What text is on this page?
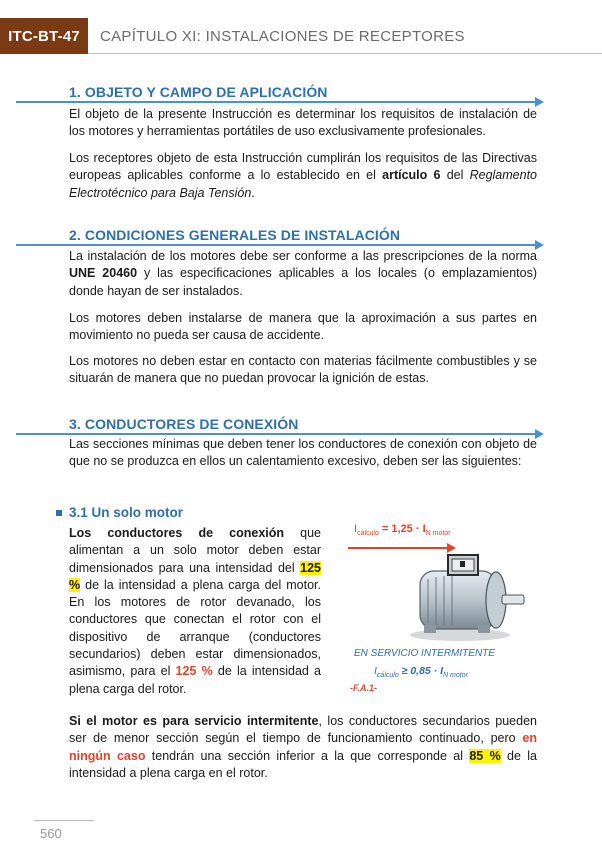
ITC-BT-47	CAPÍTULO XI: INSTALACIONES DE RECEPTORES
1. OBJETO Y CAMPO DE APLICACIÓN

El objeto de la presente Instrucción es determinar los requisitos de instalación de los motores y herramientas portátiles de uso exclusivamente profesionales.

Los receptores objeto de esta Instrucción cumplirán los requisitos de las Directivas europeas aplicables conforme a lo establecido en el artículo 6 del Reglamento Electrotécnico para Baja Tensión.

2. CONDICIONES GENERALES DE INSTALACIÓN

La instalación de los motores debe ser conforme a las prescripciones de la norma UNE 20460 y las especificaciones aplicables a los locales (o emplazamientos) donde hayan de ser instalados.

Los motores deben instalarse de manera que la aproximación a sus partes en movimiento no pueda ser causa de accidente.

Los motores no deben estar en contacto con materias fácilmente combustibles y se situarán de manera que no puedan provocar la ignición de estas.

3. CONDUCTORES DE CONEXIÓN

Las secciones mínimas que deben tener los conductores de conexión con objeto de que no se produzca en ellos un calentamiento excesivo, deben ser las siguientes:

3.1 Un solo motor

Los conductores de conexión que alimentan a un solo motor deben estar dimensionados para una intensidad del 125 % de la intensidad a plena carga del motor. En los motores de rotor devanado, los conductores que conectan el rotor con el dispositivo de arranque (conductores secundarios) deben estar dimensionados, asimismo, para el 125 % de la intensidad a plena carga del rotor.

$I_{cálculo} = 1,25 \cdot I_{N motor}$
EN SERVICIO INTERMITENTE
$I_{cálculo} \ge 0,85 \cdot I_{N motor}$
-F.A.1-

Si el motor es para servicio intermitente, los conductores secundarios pueden ser de menor sección según el tiempo de funcionamiento continuado, pero en ningún caso tendrán una sección inferior a la que corresponde al 85 % de la intensidad a plena carga en el rotor.

560
